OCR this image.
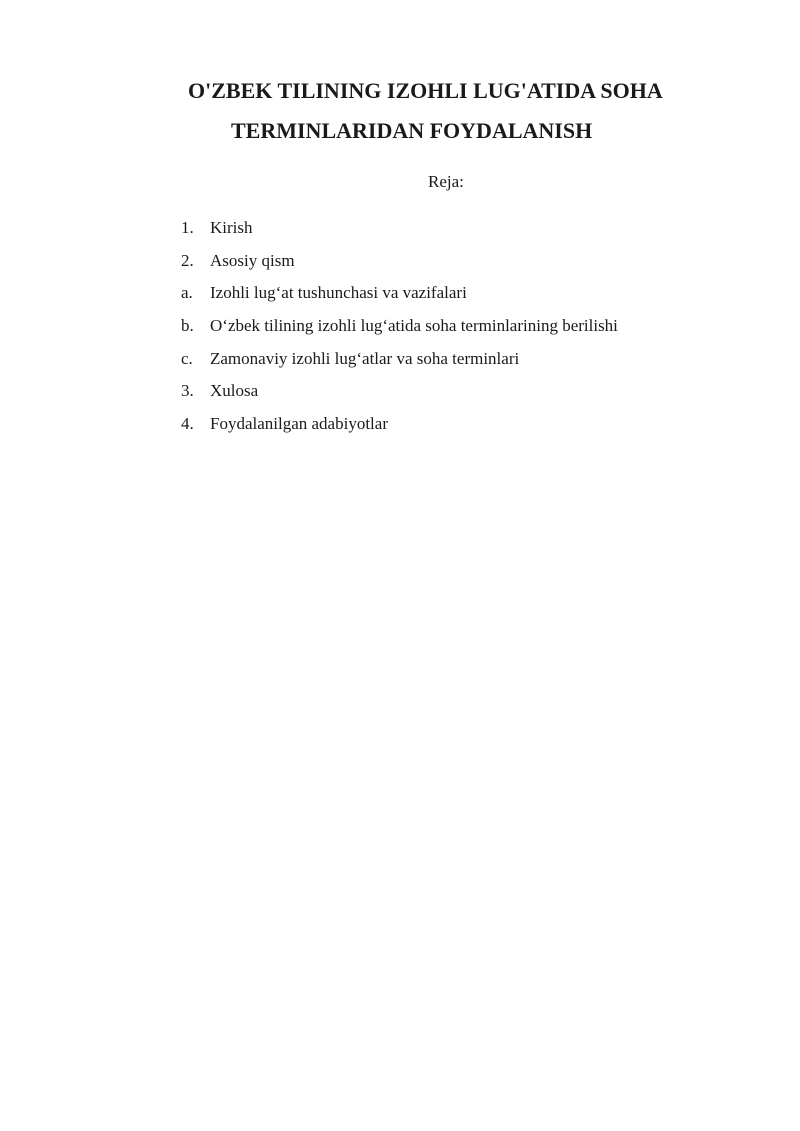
O'ZBEK TILINING IZOHLI LUG'ATIDA SOHA
TERMINLARIDAN FOYDALANISH
Reja:
1. Kirish
2. Asosiy qism
a.	Izohli lug‘at tushunchasi va vazifalari
b. O‘zbek tilining izohli lug‘atida soha terminlarining berilishi
c.	Zamonaviy izohli lug‘atlar va soha terminlari
3. Xulosa
4. Foydalanilgan adabiyotlar
